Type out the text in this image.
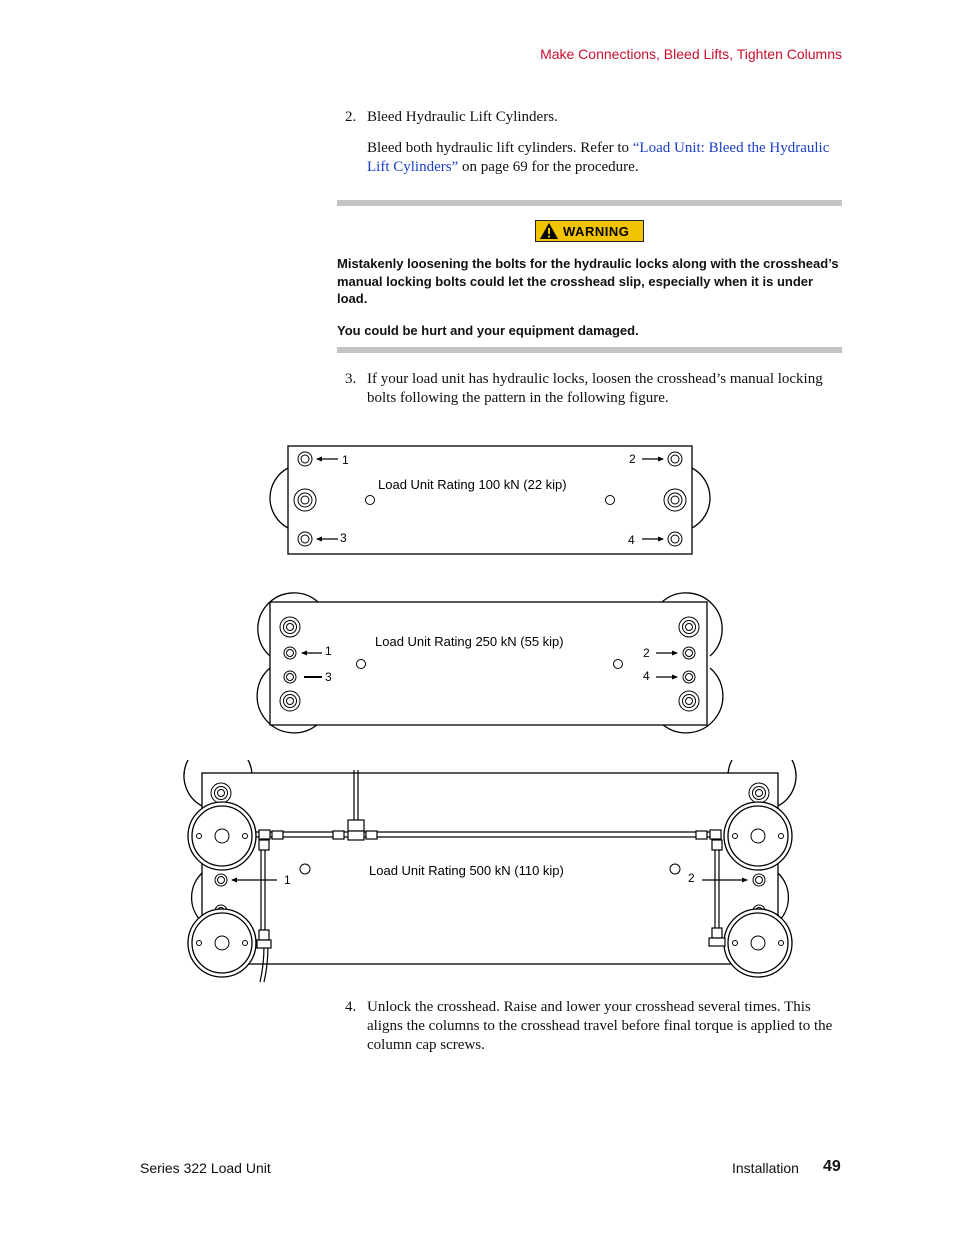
Make Connections, Bleed Lifts, Tighten Columns
2. Bleed Hydraulic Lift Cylinders.
Bleed both hydraulic lift cylinders. Refer to “Load Unit: Bleed the Hydraulic Lift Cylinders” on page 69 for the procedure.
WARNING
Mistakenly loosening the bolts for the hydraulic locks along with the crosshead’s manual locking bolts could let the crosshead slip, especially when it is under load.
You could be hurt and your equipment damaged.
3. If your load unit has hydraulic locks, loosen the crosshead’s manual locking bolts following the pattern in the following figure.
1	2
3	4
Load Unit Rating 100 kN (22 kip)
1	2
3	4
Load Unit Rating 250 kN (55 kip)
1	2
Load Unit Rating 500 kN (110 kip)
4. Unlock the crosshead. Raise and lower your crosshead several times. This aligns the columns to the crosshead travel before final torque is applied to the column cap screws.
Series 322 Load Unit	Installation 49
